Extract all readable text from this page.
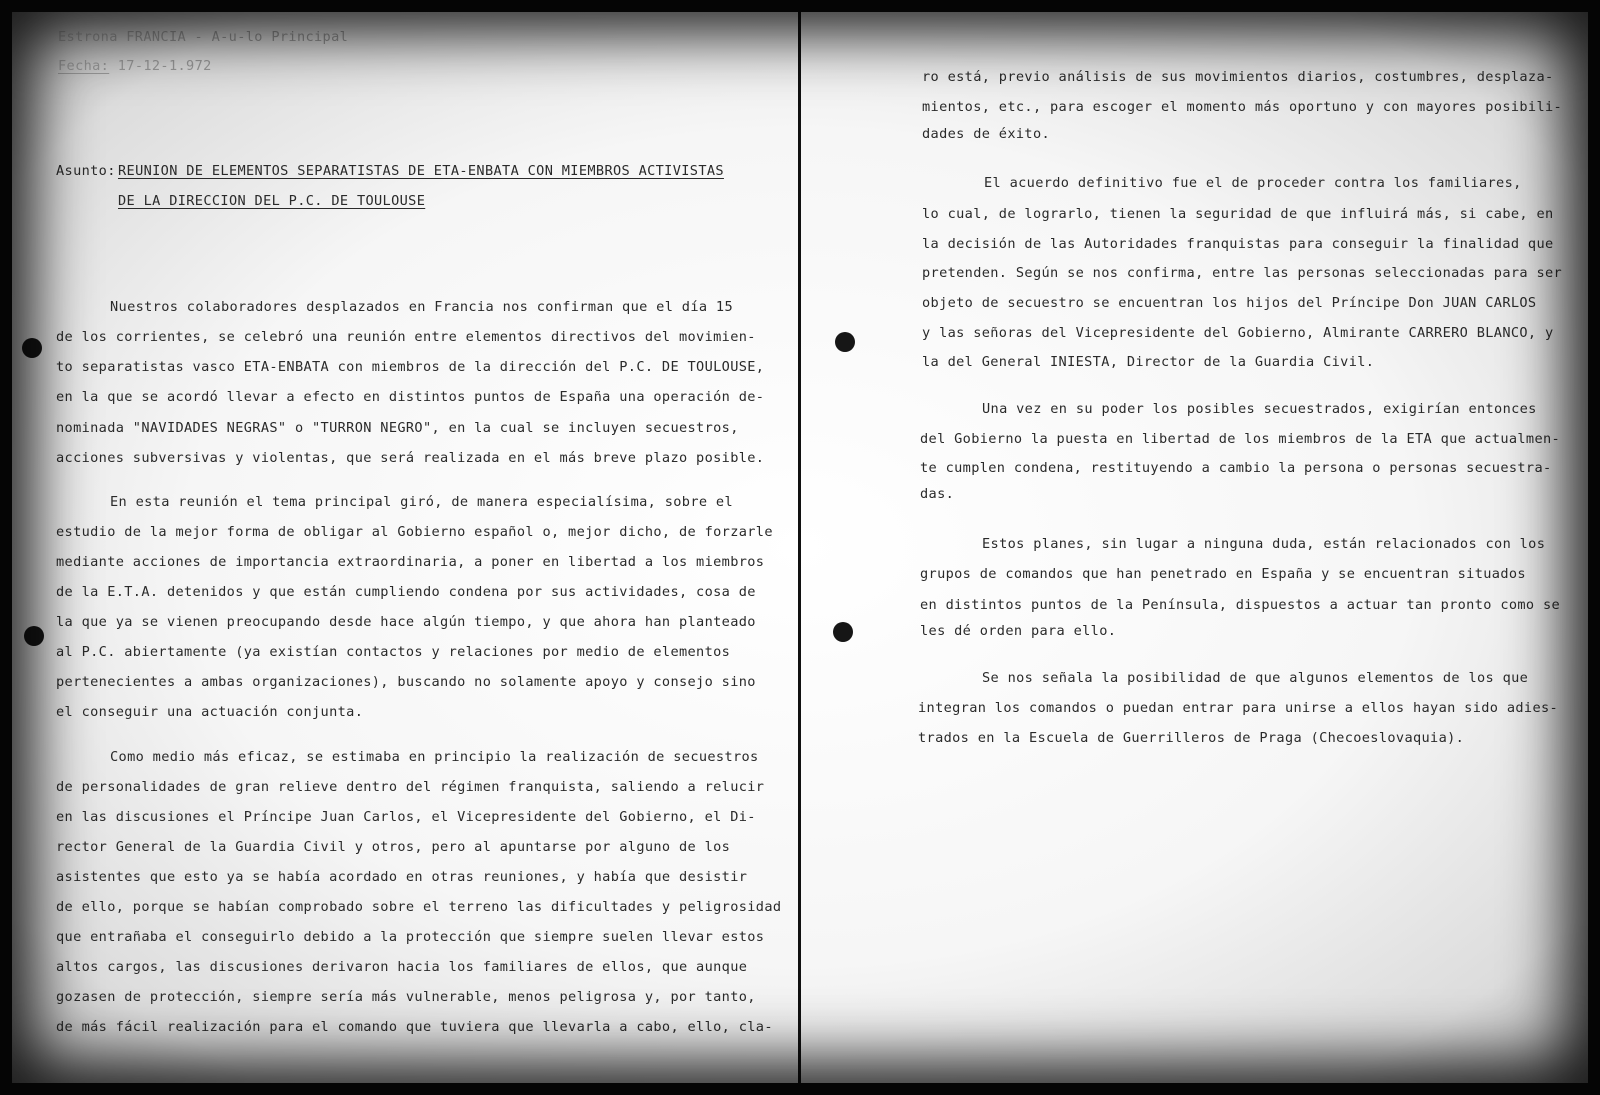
Estrona FRANCIA - A-u-lo Principal
Fecha: 17-12-1.972
Asunto: REUNION DE ELEMENTOS SEPARATISTAS DE ETA-ENBATA CON MIEMBROS ACTIVISTAS
DE LA DIRECCION DEL P.C. DE TOULOUSE
Nuestros colaboradores desplazados en Francia nos confirman que el día 15
de los corrientes, se celebró una reunión entre elementos directivos del movimien-
to separatistas vasco ETA-ENBATA con miembros de la dirección del P.C. DE TOULOUSE,
en la que se acordó llevar a efecto en distintos puntos de España una operación de-
nominada "NAVIDADES NEGRAS" o "TURRON NEGRO", en la cual se incluyen secuestros,
acciones subversivas y violentas, que será realizada en el más breve plazo posible.
En esta reunión el tema principal giró, de manera especialísima, sobre el
estudio de la mejor forma de obligar al Gobierno español o, mejor dicho, de forzarle
mediante acciones de importancia extraordinaria, a poner en libertad a los miembros
de la E.T.A. detenidos y que están cumpliendo condena por sus actividades, cosa de
la que ya se vienen preocupando desde hace algún tiempo, y que ahora han planteado
al P.C. abiertamente (ya existían contactos y relaciones por medio de elementos
pertenecientes a ambas organizaciones), buscando no solamente apoyo y consejo sino
el conseguir una actuación conjunta.
Como medio más eficaz, se estimaba en principio la realización de secuestros
de personalidades de gran relieve dentro del régimen franquista, saliendo a relucir
en las discusiones el Príncipe Juan Carlos, el Vicepresidente del Gobierno, el Di-
rector General de la Guardia Civil y otros, pero al apuntarse por alguno de los
asistentes que esto ya se había acordado en otras reuniones, y había que desistir
de ello, porque se habían comprobado sobre el terreno las dificultades y peligrosidad
que entrañaba el conseguirlo debido a la protección que siempre suelen llevar estos
altos cargos, las discusiones derivaron hacia los familiares de ellos, que aunque
gozasen de protección, siempre sería más vulnerable, menos peligrosa y, por tanto,
de más fácil realización para el comando que tuviera que llevarla a cabo, ello, cla-
ro está, previo análisis de sus movimientos diarios, costumbres, desplaza-
mientos, etc., para escoger el momento más oportuno y con mayores posibili-
dades de éxito.
El acuerdo definitivo fue el de proceder contra los familiares,
lo cual, de lograrlo, tienen la seguridad de que influirá más, si cabe, en
la decisión de las Autoridades franquistas para conseguir la finalidad que
pretenden. Según se nos confirma, entre las personas seleccionadas para ser
objeto de secuestro se encuentran los hijos del Príncipe Don JUAN CARLOS
y las señoras del Vicepresidente del Gobierno, Almirante CARRERO BLANCO, y
la del General INIESTA, Director de la Guardia Civil.
Una vez en su poder los posibles secuestrados, exigirían entonces
del Gobierno la puesta en libertad de los miembros de la ETA que actualmen-
te cumplen condena, restituyendo a cambio la persona o personas secuestra-
das.
Estos planes, sin lugar a ninguna duda, están relacionados con los
grupos de comandos que han penetrado en España y se encuentran situados
en distintos puntos de la Península, dispuestos a actuar tan pronto como se
les dé orden para ello.
Se nos señala la posibilidad de que algunos elementos de los que
integran los comandos o puedan entrar para unirse a ellos hayan sido adies-
trados en la Escuela de Guerrilleros de Praga (Checoeslovaquia).
